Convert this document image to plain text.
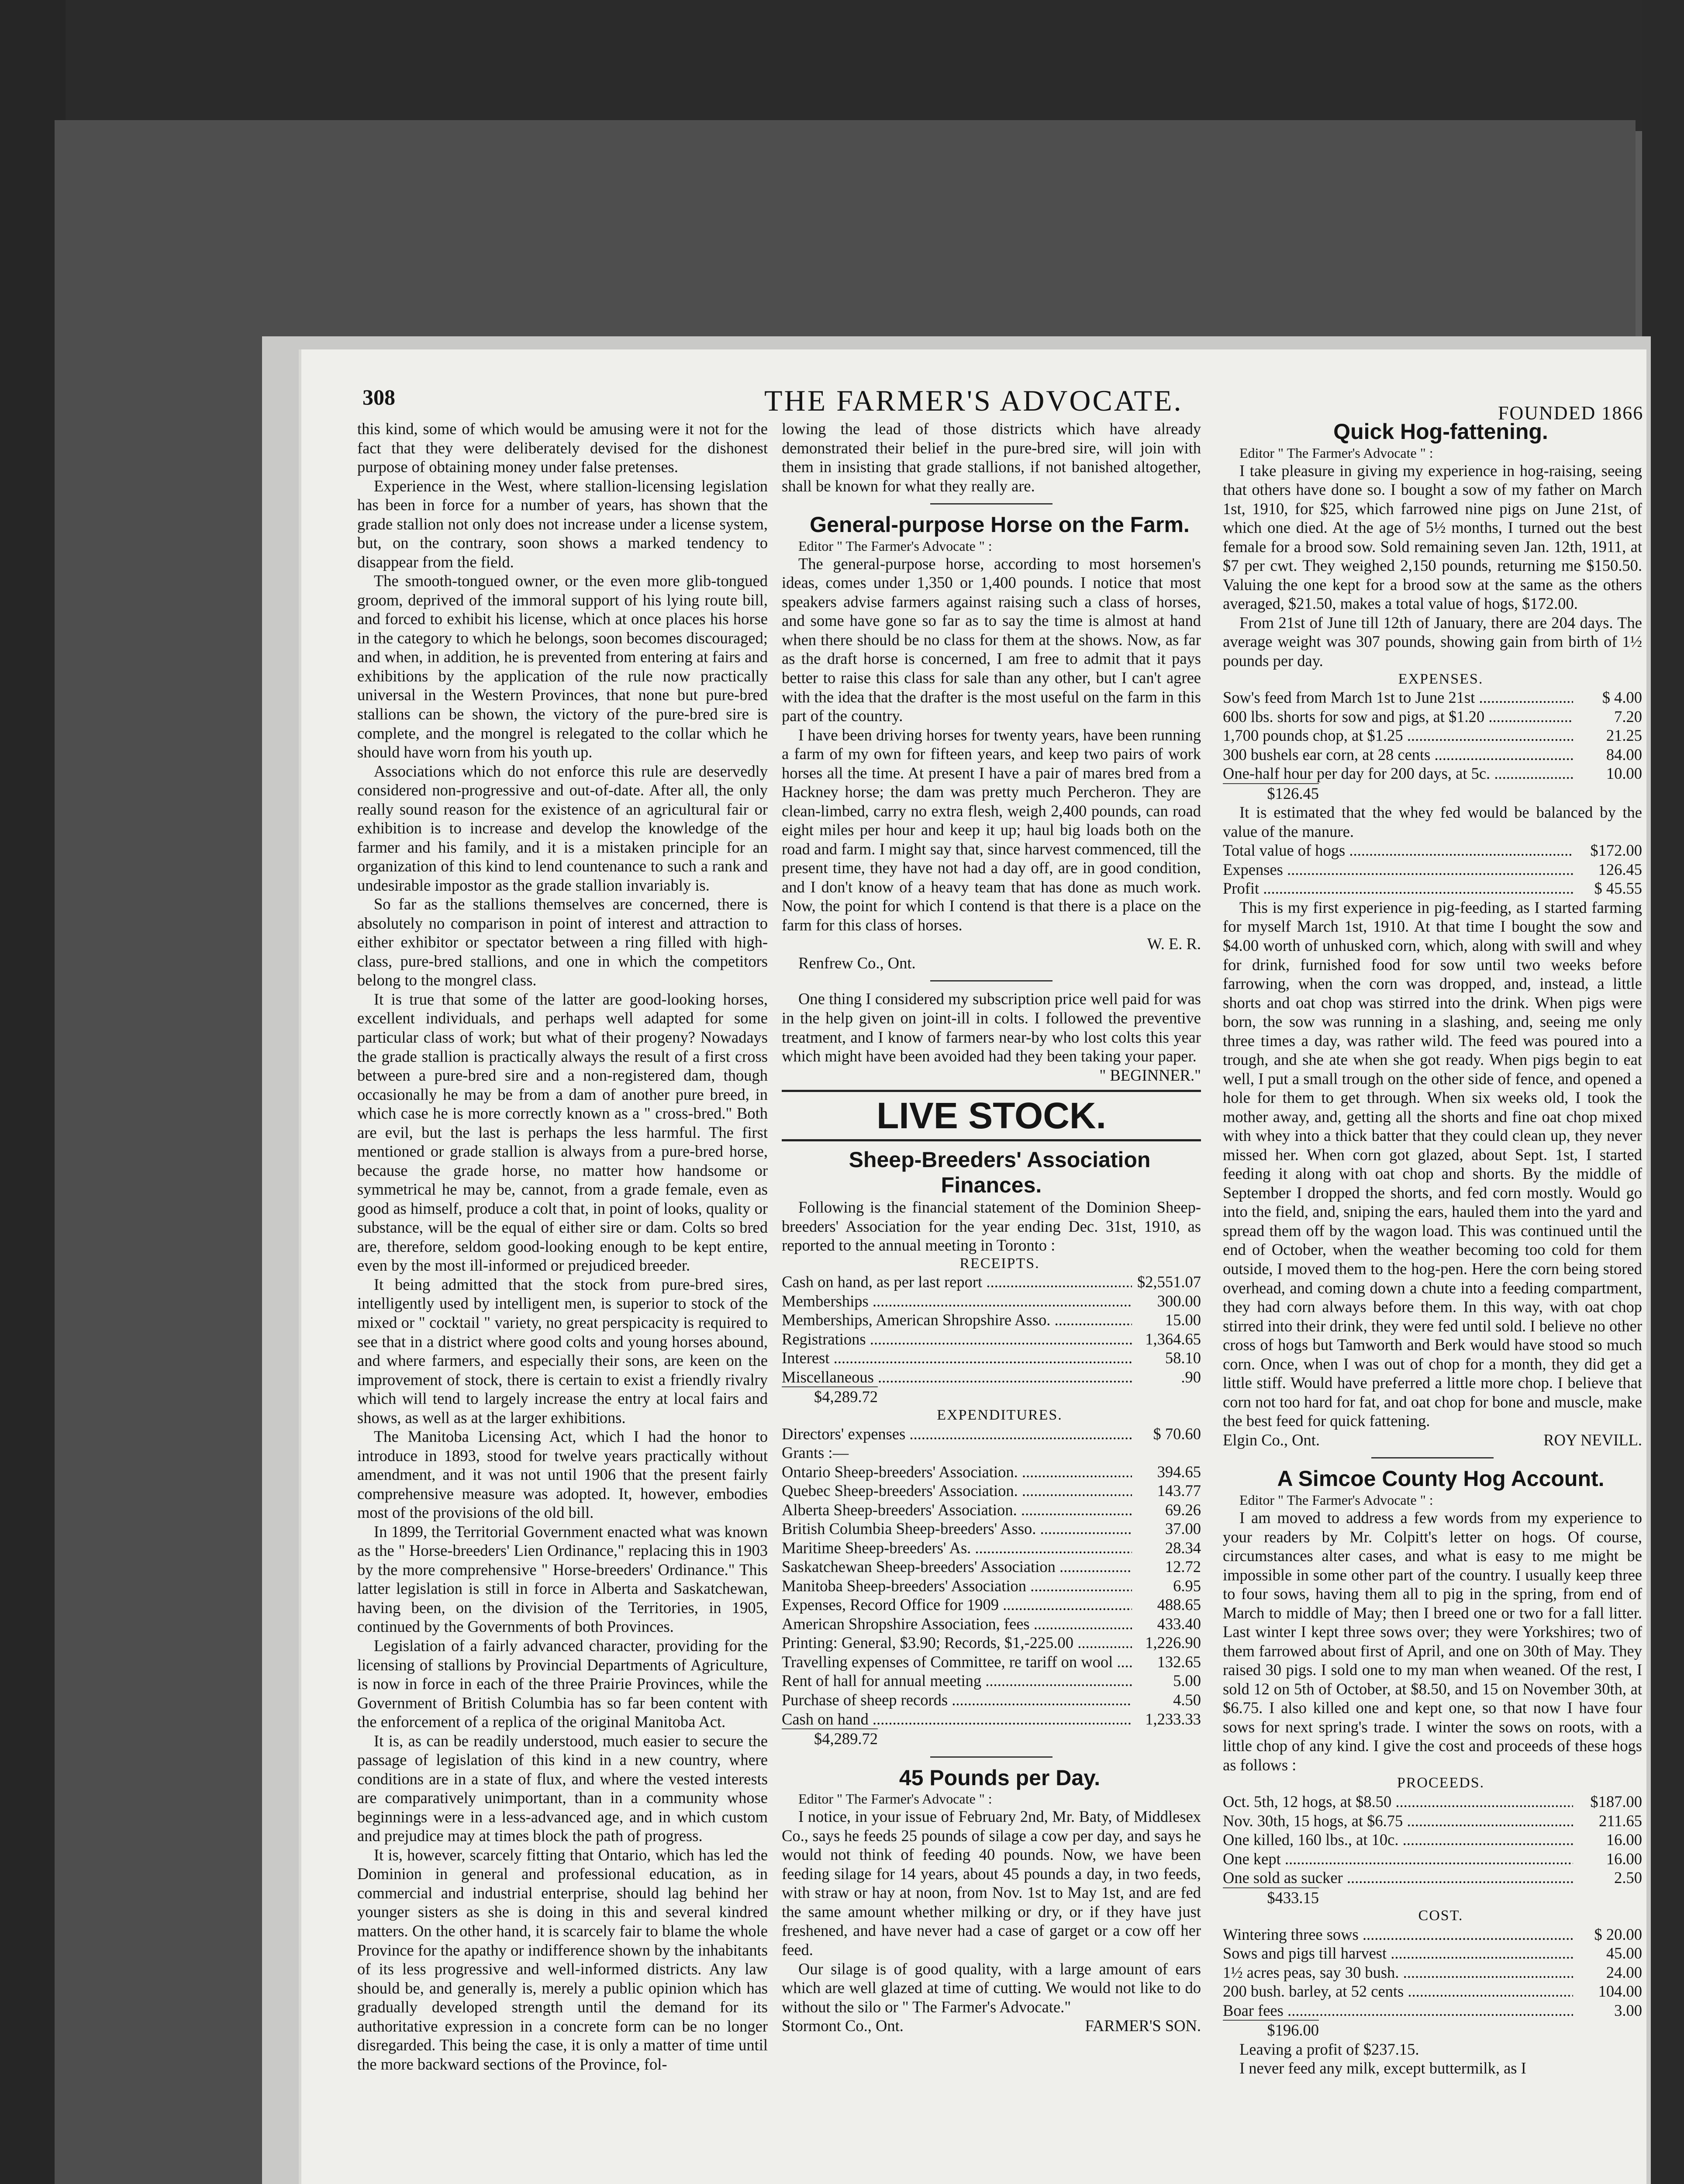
308	THE FARMER'S ADVOCATE.	FOUNDED 1866

this kind, some of which would be amusing were it not for the fact that they were deliberately devised for the dishonest purpose of obtaining money under false pretenses.

Experience in the West, where stallion-licensing legislation has been in force for a number of years, has shown that the grade stallion not only does not increase under a license system, but, on the contrary, soon shows a marked tendency to disappear from the field.

The smooth-tongued owner, or the even more glib-tongued groom, deprived of the immoral support of his lying route bill, and forced to exhibit his license, which at once places his horse in the category to which he belongs, soon becomes discouraged; and when, in addition, he is prevented from entering at fairs and exhibitions by the application of the rule now practically universal in the Western Provinces, that none but pure-bred stallions can be shown, the victory of the pure-bred sire is complete, and the mongrel is relegated to the collar which he should have worn from his youth up.

Associations which do not enforce this rule are deservedly considered non-progressive and out-of-date. After all, the only really sound reason for the existence of an agricultural fair or exhibition is to increase and develop the knowledge of the farmer and his family, and it is a mistaken principle for an organization of this kind to lend countenance to such a rank and undesirable impostor as the grade stallion invariably is.

So far as the stallions themselves are concerned, there is absolutely no comparison in point of interest and attraction to either exhibitor or spectator between a ring filled with high-class, pure-bred stallions, and one in which the competitors belong to the mongrel class.

It is true that some of the latter are good-looking horses, excellent individuals, and perhaps well adapted for some particular class of work; but what of their progeny? Nowadays the grade stallion is practically always the result of a first cross between a pure-bred sire and a non-registered dam, though occasionally he may be from a dam of another pure breed, in which case he is more correctly known as a " cross-bred." Both are evil, but the last is perhaps the less harmful. The first mentioned or grade stallion is always from a pure-bred horse, because the grade horse, no matter how handsome or symmetrical he may be, cannot, from a grade female, even as good as himself, produce a colt that, in point of looks, quality or substance, will be the equal of either sire or dam. Colts so bred are, therefore, seldom good-looking enough to be kept entire, even by the most ill-informed or prejudiced breeder.

It being admitted that the stock from pure-bred sires, intelligently used by intelligent men, is superior to stock of the mixed or " cocktail " variety, no great perspicacity is required to see that in a district where good colts and young horses abound, and where farmers, and especially their sons, are keen on the improvement of stock, there is certain to exist a friendly rivalry which will tend to largely increase the entry at local fairs and shows, as well as at the larger exhibitions.

The Manitoba Licensing Act, which I had the honor to introduce in 1893, stood for twelve years practically without amendment, and it was not until 1906 that the present fairly comprehensive measure was adopted. It, however, embodies most of the provisions of the old bill.

In 1899, the Territorial Government enacted what was known as the " Horse-breeders' Lien Ordinance," replacing this in 1903 by the more comprehensive " Horse-breeders' Ordinance." This latter legislation is still in force in Alberta and Saskatchewan, having been, on the division of the Territories, in 1905, continued by the Governments of both Provinces.

Legislation of a fairly advanced character, providing for the licensing of stallions by Provincial Departments of Agriculture, is now in force in each of the three Prairie Provinces, while the Government of British Columbia has so far been content with the enforcement of a replica of the original Manitoba Act.

It is, as can be readily understood, much easier to secure the passage of legislation of this kind in a new country, where conditions are in a state of flux, and where the vested interests are comparatively unimportant, than in a community whose beginnings were in a less-advanced age, and in which custom and prejudice may at times block the path of progress.

It is, however, scarcely fitting that Ontario, which has led the Dominion in general and professional education, as in commercial and industrial enterprise, should lag behind her younger sisters as she is doing in this and several kindred matters. On the other hand, it is scarcely fair to blame the whole Province for the apathy or indifference shown by the inhabitants of its less progressive and well-informed districts. Any law should be, and generally is, merely a public opinion which has gradually developed strength until the demand for its authoritative expression in a concrete form can be no longer disregarded. This being the case, it is only a matter of time until the more backward sections of the Province, fol-

lowing the lead of those districts which have already demonstrated their belief in the pure-bred sire, will join with them in insisting that grade stallions, if not banished altogether, shall be known for what they really are.

General-purpose Horse on the Farm.

Editor " The Farmer's Advocate " :

The general-purpose horse, according to most horsemen's ideas, comes under 1,350 or 1,400 pounds. I notice that most speakers advise farmers against raising such a class of horses, and some have gone so far as to say the time is almost at hand when there should be no class for them at the shows. Now, as far as the draft horse is concerned, I am free to admit that it pays better to raise this class for sale than any other, but I can't agree with the idea that the drafter is the most useful on the farm in this part of the country.

I have been driving horses for twenty years, have been running a farm of my own for fifteen years, and keep two pairs of work horses all the time. At present I have a pair of mares bred from a Hackney horse; the dam was pretty much Percheron. They are clean-limbed, carry no extra flesh, weigh 2,400 pounds, can road eight miles per hour and keep it up; haul big loads both on the road and farm. I might say that, since harvest commenced, till the present time, they have not had a day off, are in good condition, and I don't know of a heavy team that has done as much work. Now, the point for which I contend is that there is a place on the farm for this class of horses.

W. E. R.

Renfrew Co., Ont.

One thing I considered my subscription price well paid for was in the help given on joint-ill in colts. I followed the preventive treatment, and I know of farmers near-by who lost colts this year which might have been avoided had they been taking your paper.

" BEGINNER."

LIVE STOCK.

Sheep-Breeders' Association Finances.

Following is the financial statement of the Dominion Sheep-breeders' Association for the year ending Dec. 31st, 1910, as reported to the annual meeting in Toronto :

RECEIPTS.

Cash on hand, as per last report .....	$2,551.07
Memberships .....	300.00
Memberships, American Shropshire Asso. .....	15.00
Registrations .....	1,364.65
Interest .....	58.10
Miscellaneous .....	.90

$4,289.72

EXPENDITURES.

Directors' expenses .....	$ 70.60
Grants :—
Ontario Sheep-breeders' Association. .....	394.65
Quebec Sheep-breeders' Association. .....	143.77
Alberta Sheep-breeders' Association. .....	69.26
British Columbia Sheep-breeders' Asso. .....	37.00
Maritime Sheep-breeders' As. .....	28.34
Saskatchewan Sheep-breeders' Association .....	12.72
Manitoba Sheep-breeders' Association .....	6.95
Expenses, Record Office for 1909 .....	488.65
American Shropshire Association, fees .....	433.40
Printing: General, $3.90; Records, $1,-225.00 .....	1,226.90
Travelling expenses of Committee, re tariff on wool .....	132.65
Rent of hall for annual meeting .....	5.00
Purchase of sheep records .....	4.50
Cash on hand .....	1,233.33

$4,289.72

45 Pounds per Day.

Editor " The Farmer's Advocate " :

I notice, in your issue of February 2nd, Mr. Baty, of Middlesex Co., says he feeds 25 pounds of silage a cow per day, and says he would not think of feeding 40 pounds. Now, we have been feeding silage for 14 years, about 45 pounds a day, in two feeds, with straw or hay at noon, from Nov. 1st to May 1st, and are fed the same amount whether milking or dry, or if they have just freshened, and have never had a case of garget or a cow off her feed.

Our silage is of good quality, with a large amount of ears which are well glazed at time of cutting. We would not like to do without the silo or " The Farmer's Advocate."

Stormont Co., Ont.	FARMER'S SON.

Quick Hog-fattening.

Editor " The Farmer's Advocate " :

I take pleasure in giving my experience in hog-raising, seeing that others have done so. I bought a sow of my father on March 1st, 1910, for $25, which farrowed nine pigs on June 21st, of which one died. At the age of 5½ months, I turned out the best female for a brood sow. Sold remaining seven Jan. 12th, 1911, at $7 per cwt. They weighed 2,150 pounds, returning me $150.50. Valuing the one kept for a brood sow at the same as the others averaged, $21.50, makes a total value of hogs, $172.00.

From 21st of June till 12th of January, there are 204 days. The average weight was 307 pounds, showing gain from birth of 1½ pounds per day.

EXPENSES.

Sow's feed from March 1st to June 21st .....	$ 4.00
600 lbs. shorts for sow and pigs, at $1.20 .....	7.20
1,700 pounds chop, at $1.25 .....	21.25
300 bushels ear corn, at 28 cents .....	84.00
One-half hour per day for 200 days, at 5c. .....	10.00

$126.45

It is estimated that the whey fed would be balanced by the value of the manure.

Total value of hogs .....	$172.00
Expenses .....	126.45
Profit .....	$ 45.55

This is my first experience in pig-feeding, as I started farming for myself March 1st, 1910. At that time I bought the sow and $4.00 worth of unhusked corn, which, along with swill and whey for drink, furnished food for sow until two weeks before farrowing, when the corn was dropped, and, instead, a little shorts and oat chop was stirred into the drink. When pigs were born, the sow was running in a slashing, and, seeing me only three times a day, was rather wild. The feed was poured into a trough, and she ate when she got ready. When pigs begin to eat well, I put a small trough on the other side of fence, and opened a hole for them to get through. When six weeks old, I took the mother away, and, getting all the shorts and fine oat chop mixed with whey into a thick batter that they could clean up, they never missed her. When corn got glazed, about Sept. 1st, I started feeding it along with oat chop and shorts. By the middle of September I dropped the shorts, and fed corn mostly. Would go into the field, and, sniping the ears, hauled them into the yard and spread them off by the wagon load. This was continued until the end of October, when the weather becoming too cold for them outside, I moved them to the hog-pen. Here the corn being stored overhead, and coming down a chute into a feeding compartment, they had corn always before them. In this way, with oat chop stirred into their drink, they were fed until sold. I believe no other cross of hogs but Tamworth and Berk would have stood so much corn. Once, when I was out of chop for a month, they did get a little stiff. Would have preferred a little more chop. I believe that corn not too hard for fat, and oat chop for bone and muscle, make the best feed for quick fattening.

Elgin Co., Ont.	ROY NEVILL.

A Simcoe County Hog Account.

Editor " The Farmer's Advocate " :

I am moved to address a few words from my experience to your readers by Mr. Colpitt's letter on hogs. Of course, circumstances alter cases, and what is easy to me might be impossible in some other part of the country. I usually keep three to four sows, having them all to pig in the spring, from end of March to middle of May; then I breed one or two for a fall litter. Last winter I kept three sows over; they were Yorkshires; two of them farrowed about first of April, and one on 30th of May. They raised 30 pigs. I sold one to my man when weaned. Of the rest, I sold 12 on 5th of October, at $8.50, and 15 on November 30th, at $6.75. I also killed one and kept one, so that now I have four sows for next spring's trade. I winter the sows on roots, with a little chop of any kind. I give the cost and proceeds of these hogs as follows :

PROCEEDS.

Oct. 5th, 12 hogs, at $8.50 .....	$187.00
Nov. 30th, 15 hogs, at $6.75 .....	211.65
One killed, 160 lbs., at 10c. .....	16.00
One kept .....	16.00
One sold as sucker .....	2.50

$433.15

COST.

Wintering three sows .....	$ 20.00
Sows and pigs till harvest .....	45.00
1½ acres peas, say 30 bush. .....	24.00
200 bush. barley, at 52 cents .....	104.00
Boar fees .....	3.00

$196.00

Leaving a profit of $237.15.

I never feed any milk, except buttermilk, as I
